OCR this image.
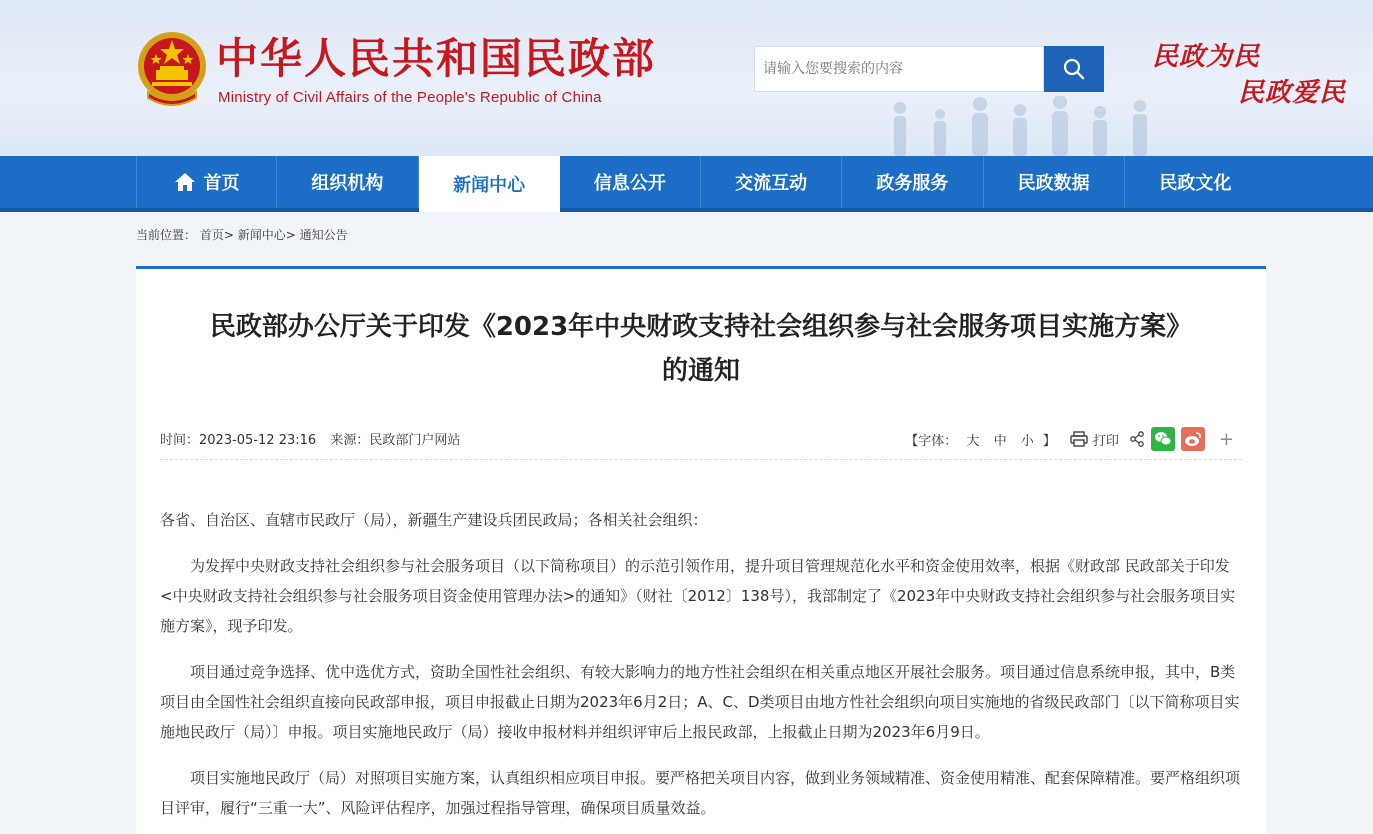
中华人民共和国民政部
Ministry of Civil Affairs of the People's Republic of China
请输入您要搜索的内容
民政为民
民政爱民
首页	组织机构	新闻中心	信息公开	交流互动	政务服务	民政数据	民政文化
当前位置： 首页> 新闻中心> 通知公告
民政部办公厅关于印发《2023年中央财政支持社会组织参与社会服务项目实施方案》
的通知
时间：2023-05-12 23:16 来源：民政部门户网站	【字体： 大 中 小 】	打印	+

各省、自治区、直辖市民政厅（局），新疆生产建设兵团民政局；各相关社会组织：

为发挥中央财政支持社会组织参与社会服务项目（以下简称项目）的示范引领作用，提升项目管理规范化水平和资金使用效率，根据《财政部 民政部关于印发<中央财政支持社会组织参与社会服务项目资金使用管理办法>的通知》（财社〔2012〕138号），我部制定了《2023年中央财政支持社会组织参与社会服务项目实施方案》，现予印发。

项目通过竞争选择、优中选优方式，资助全国性社会组织、有较大影响力的地方性社会组织在相关重点地区开展社会服务。项目通过信息系统申报，其中，B类项目由全国性社会组织直接向民政部申报，项目申报截止日期为2023年6月2日；A、C、D类项目由地方性社会组织向项目实施地的省级民政部门〔以下简称项目实施地民政厅（局）〕申报。项目实施地民政厅（局）接收申报材料并组织评审后上报民政部，上报截止日期为2023年6月9日。

项目实施地民政厅（局）对照项目实施方案，认真组织相应项目申报。要严格把关项目内容，做到业务领域精准、资金使用精准、配套保障精准。要严格组织项目评审，履行“三重一大”、风险评估程序，加强过程指导管理，确保项目质量效益。
